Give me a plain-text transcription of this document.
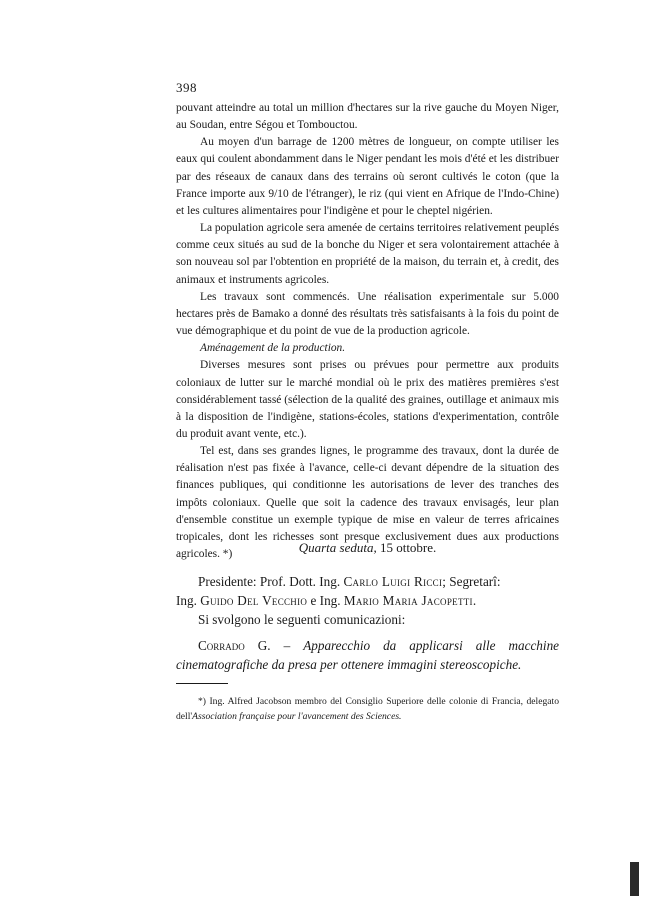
398

pouvant atteindre au total un million d'hectares sur la rive gauche du Moyen Niger, au Soudan, entre Ségou et Tombouctou.

Au moyen d'un barrage de 1200 mètres de longueur, on compte utiliser les eaux qui coulent abondamment dans le Niger pendant les mois d'été et les distribuer par des réseaux de canaux dans des terrains où seront cultivés le coton (que la France importe aux 9/10 de l'étranger), le riz (qui vient en Afrique de l'Indo-Chine) et les cultures alimentaires pour l'indigène et pour le cheptel nigérien.

La population agricole sera amenée de certains territoires relativement peuplés comme ceux situés au sud de la bonche du Niger et sera volontairement attachée à son nouveau sol par l'obtention en propriété de la maison, du terrain et, à credit, des animaux et instruments agricoles.

Les travaux sont commencés. Une réalisation experimentale sur 5.000 hectares près de Bamako a donné des résultats très satisfaisants à la fois du point de vue démographique et du point de vue de la production agricole.

Aménagement de la production.

Diverses mesures sont prises ou prévues pour permettre aux produits coloniaux de lutter sur le marché mondial où le prix des matières premières s'est considérablement tassé (sélection de la qualité des graines, outillage et animaux mis à la disposition de l'indigène, stations-écoles, stations d'experimentation, contrôle du produit avant vente, etc.).

Tel est, dans ses grandes lignes, le programme des travaux, dont la durée de réalisation n'est pas fixée à l'avance, celle-ci devant dépendre de la situation des finances publiques, qui conditionne les autorisations de lever des tranches des impôts coloniaux. Quelle que soit la cadence des travaux envisagés, leur plan d'ensemble constitue un exemple typique de mise en valeur de terres africaines tropicales, dont les richesses sont presque exclusivement dues aux productions agricoles. *)	Quarta seduta, 15 ottobre.

Presidente: Prof. Dott. Ing. Carlo Luigi Ricci; Segretarî:

Ing. Guido Del Vecchio e Ing. Mario Maria Jacopetti.

Si svolgono le seguenti comunicazioni:

Corrado G. – Apparecchio da applicarsi alle macchine cinematografiche da presa per ottenere immagini stereoscopiche.
*) Ing. Alfred Jacobson membro del Consiglio Superiore delle colonie di Francia, delegato dell'Association française pour l'avancement des Sciences.
